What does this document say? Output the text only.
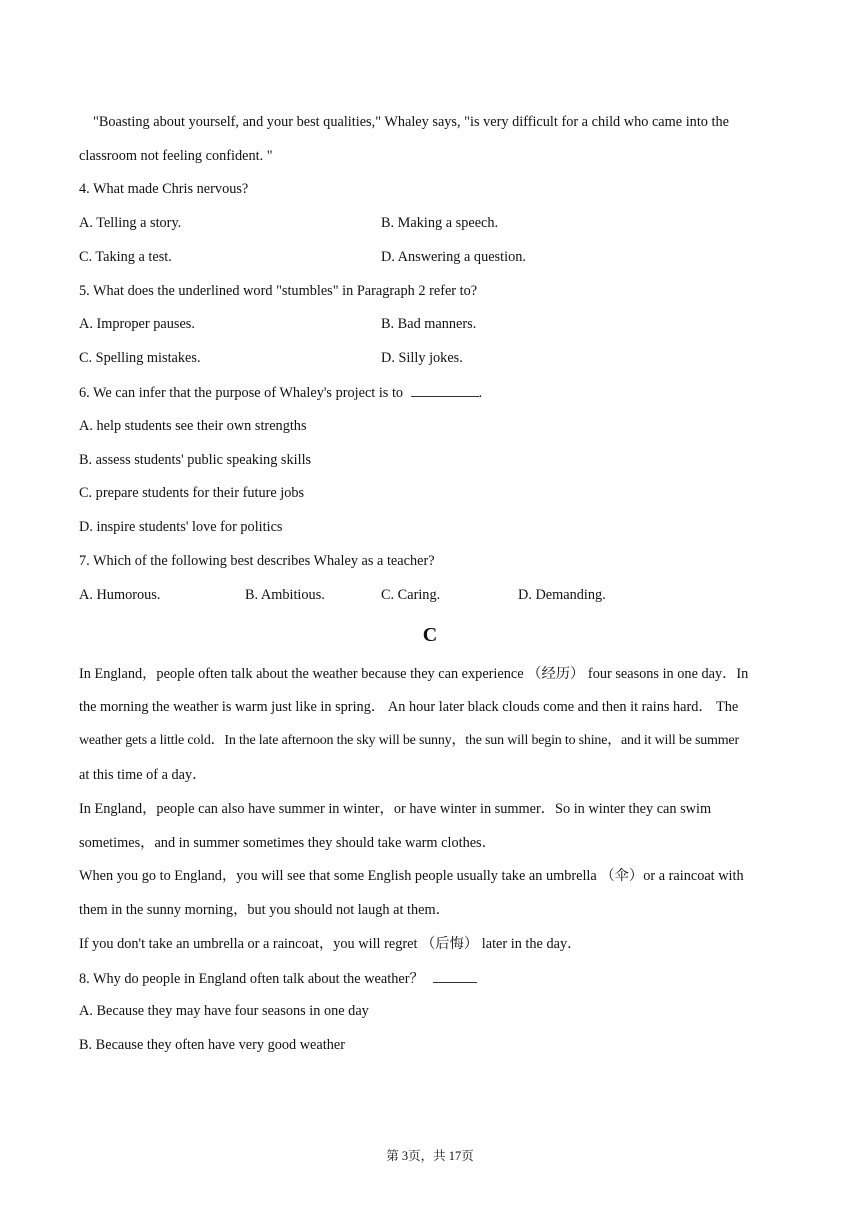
"Boasting about yourself, and your best qualities," Whaley says, "is very difficult for a child who came into the
classroom not feeling confident. "
4. What made Chris nervous?
A. Telling a story.	B. Making a speech.
C. Taking a test.	D. Answering a question.
5. What does the underlined word "stumbles" in Paragraph 2 refer to?
A. Improper pauses.	B. Bad manners.
C. Spelling mistakes.	D. Silly jokes.
6. We can infer that the purpose of Whaley's project is to	.
A. help students see their own strengths
B. assess students' public speaking skills
C. prepare students for their future jobs
D. inspire students' love for politics
7. Which of the following best describes Whaley as a teacher?
A. Humorous.	B. Ambitious.	C. Caring.	D. Demanding.
C
In England，people often talk about the weather because they can experience （经历） four seasons in one day．In
the morning the weather is warm just like in spring． An hour later black clouds come and then it rains hard． The
weather gets a little cold．In the late afternoon the sky will be sunny，the sun will begin to shine，and it will be summer
at this time of a day．
In England，people can also have summer in winter，or have winter in summer．So in winter they can swim
sometimes，and in summer sometimes they should take warm clothes．
When you go to England，you will see that some English people usually take an umbrella （伞）or a raincoat with
them in the sunny morning，but you should not laugh at them．
If you don't take an umbrella or a raincoat，you will regret （后悔） later in the day．
8. Why do people in England often talk about the weather？
A. Because they may have four seasons in one day
B. Because they often have very good weather
第 3页，共 17页
